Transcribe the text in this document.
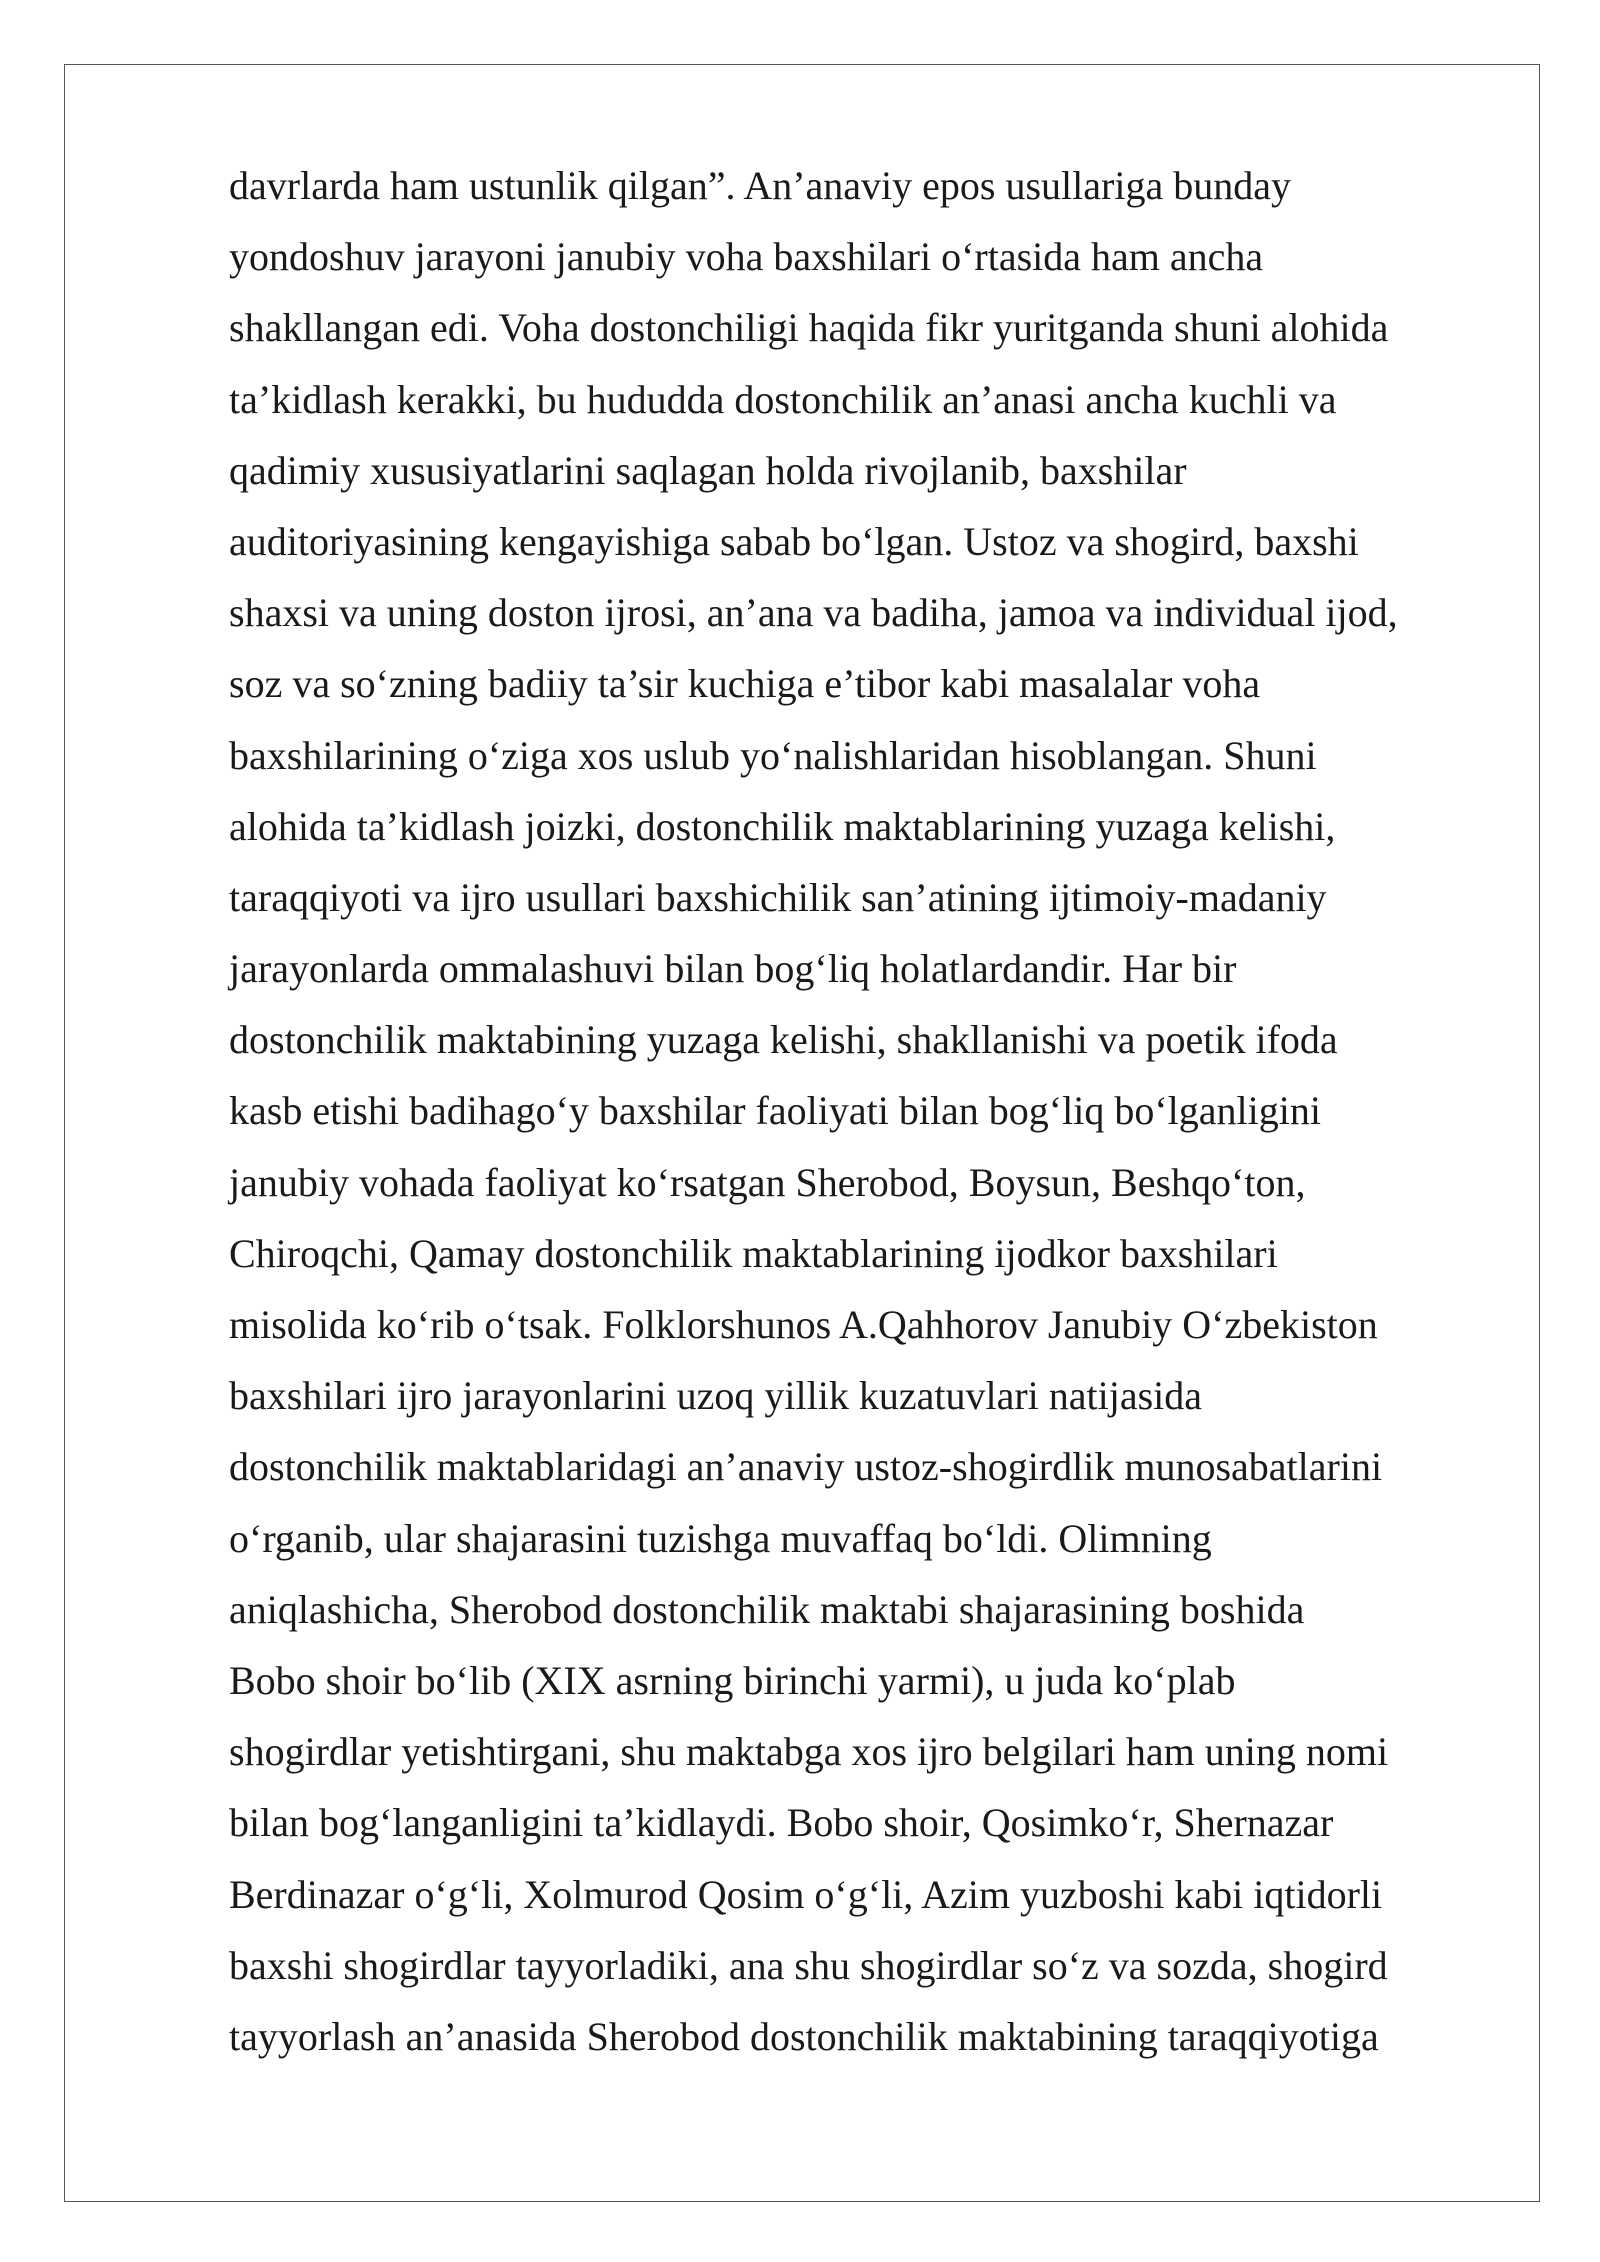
davrlarda ham ustunlik qilgan”. An’anaviy epos usullariga bunday
yondoshuv jarayoni janubiy voha baxshilari o‘rtasida ham ancha
shakllangan edi. Voha dostonchiligi haqida fikr yuritganda shuni alohida
ta’kidlash kerakki, bu hududda dostonchilik an’anasi ancha kuchli va
qadimiy xususiyatlarini saqlagan holda rivojlanib, baxshilar
auditoriyasining kengayishiga sabab bo‘lgan. Ustoz va shogird, baxshi
shaxsi va uning doston ijrosi, an’ana va badiha, jamoa va individual ijod,
soz va so‘zning badiiy ta’sir kuchiga e’tibor kabi masalalar voha
baxshilarining o‘ziga xos uslub yo‘nalishlaridan hisoblangan. Shuni
alohida ta’kidlash joizki, dostonchilik maktablarining yuzaga kelishi,
taraqqiyoti va ijro usullari baxshichilik san’atining ijtimoiy-madaniy
jarayonlarda ommalashuvi bilan bog‘liq holatlardandir. Har bir
dostonchilik maktabining yuzaga kelishi, shakllanishi va poetik ifoda
kasb etishi badihago‘y baxshilar faoliyati bilan bog‘liq bo‘lganligini
janubiy vohada faoliyat ko‘rsatgan Sherobod, Boysun, Beshqo‘ton,
Chiroqchi, Qamay dostonchilik maktablarining ijodkor baxshilari
misolida ko‘rib o‘tsak. Folklorshunos A.Qahhorov Janubiy O‘zbekiston
baxshilari ijro jarayonlarini uzoq yillik kuzatuvlari natijasida
dostonchilik maktablaridagi an’anaviy ustoz-shogirdlik munosabatlarini
o‘rganib, ular shajarasini tuzishga muvaffaq bo‘ldi. Olimning
aniqlashicha, Sherobod dostonchilik maktabi shajarasining boshida
Bobo shoir bo‘lib (XIX asrning birinchi yarmi), u juda ko‘plab
shogirdlar yetishtirgani, shu maktabga xos ijro belgilari ham uning nomi
bilan bog‘langanligini ta’kidlaydi. Bobo shoir, Qosimko‘r, Shernazar
Berdinazar o‘g‘li, Xolmurod Qosim o‘g‘li, Azim yuzboshi kabi iqtidorli
baxshi shogirdlar tayyorladiki, ana shu shogirdlar so‘z va sozda, shogird
tayyorlash an’anasida Sherobod dostonchilik maktabining taraqqiyotiga
